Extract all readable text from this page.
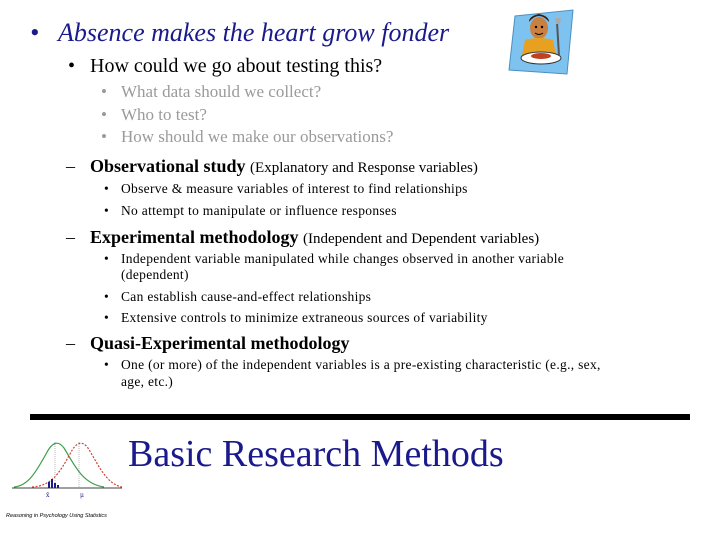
• Absence makes the heart grow fonder
• How could we go about testing this?
• What data should we collect?
• Who to test?
• How should we make our observations?
– Observational study (Explanatory and Response variables)
• Observe & measure variables of interest to find relationships
• No attempt to manipulate or influence responses
– Experimental methodology (Independent and Dependent variables)
• Independent variable manipulated while changes observed in another variable
(dependent)
• Can establish cause-and-effect relationships
• Extensive controls to minimize extraneous sources of variability
– Quasi-Experimental methodology
• One (or more) of the independent variables is a pre-existing characteristic (e.g., sex,
age, etc.)
x̄	μ
Basic Research Methods
Reasoning in Psychology Using Statistics
